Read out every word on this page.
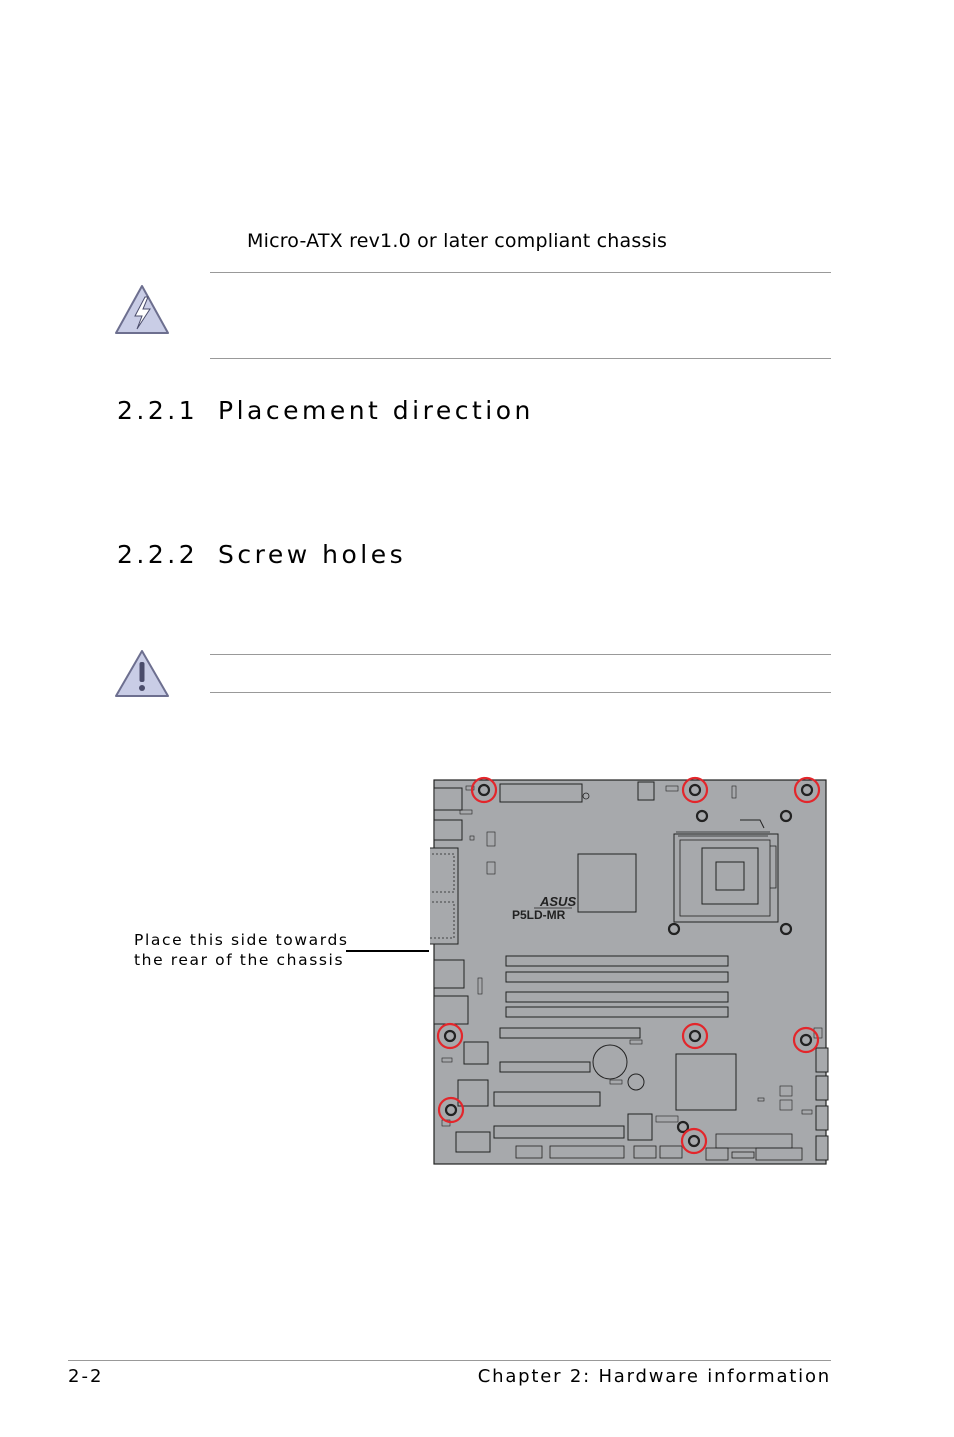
Micro-ATX rev1.0 or later compliant chassis
2.2.1 Placement direction
2.2.2 Screw holes
Place this side towards
the rear of the chassis
ASUS
P5LD-MR
2-2	Chapter 2: Hardware information
